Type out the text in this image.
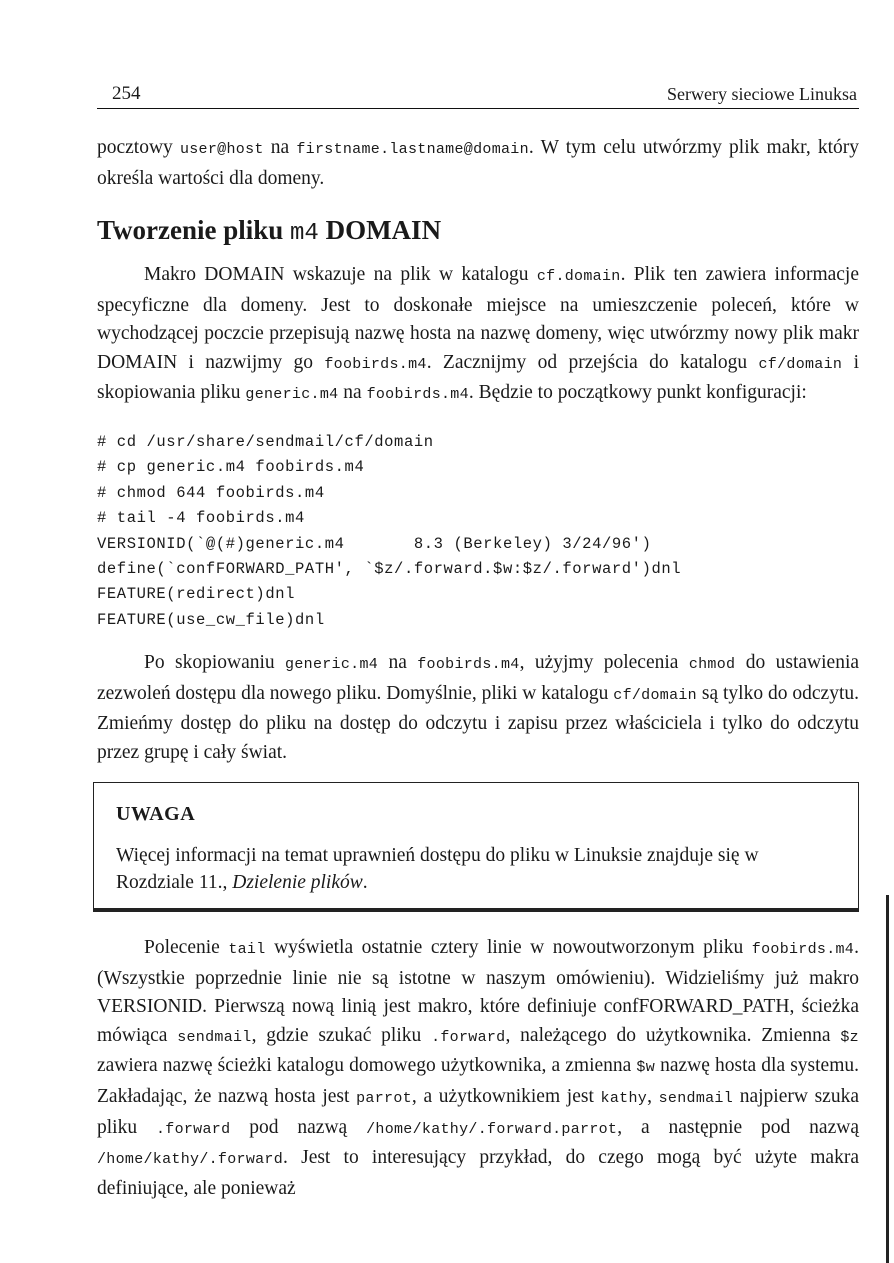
254	Serwery sieciowe Linuksa

pocztowy user@host na firstname.lastname@domain. W tym celu utwórzmy plik makr, który określa wartości dla domeny.

Tworzenie pliku m4 DOMAIN

Makro DOMAIN wskazuje na plik w katalogu cf.domain. Plik ten zawiera informacje specyficzne dla domeny. Jest to doskonałe miejsce na umieszczenie poleceń, które w wychodzącej poczcie przepisują nazwę hosta na nazwę domeny, więc utwórzmy nowy plik makr DOMAIN i nazwijmy go foobirds.m4. Zacznijmy od przejścia do katalogu cf/domain i skopiowania pliku generic.m4 na foobirds.m4. Będzie to początkowy punkt konfiguracji:

# cd /usr/share/sendmail/cf/domain
# cp generic.m4 foobirds.m4
# chmod 644 foobirds.m4
# tail -4 foobirds.m4
VERSIONID(`@(#)generic.m4       8.3 (Berkeley) 3/24/96')
define(`confFORWARD_PATH', `$z/.forward.$w:$z/.forward')dnl
FEATURE(redirect)dnl
FEATURE(use_cw_file)dnl

Po skopiowaniu generic.m4 na foobirds.m4, użyjmy polecenia chmod do ustawienia zezwoleń dostępu dla nowego pliku. Domyślnie, pliki w katalogu cf/domain są tylko do odczytu. Zmieńmy dostęp do pliku na dostęp do odczytu i zapisu przez właściciela i tylko do odczytu przez grupę i cały świat.

UWAGA

Więcej informacji na temat uprawnień dostępu do pliku w Linuksie znajduje się w Rozdziale 11., Dzielenie plików.

Polecenie tail wyświetla ostatnie cztery linie w nowoutworzonym pliku foobirds.m4. (Wszystkie poprzednie linie nie są istotne w naszym omówieniu). Widzieliśmy już makro VERSIONID. Pierwszą nową linią jest makro, które definiuje confFORWARD_PATH, ścieżka mówiąca sendmail, gdzie szukać pliku .forward, należącego do użytkownika. Zmienna $z zawiera nazwę ścieżki katalogu domowego użytkownika, a zmienna $w nazwę hosta dla systemu. Zakładając, że nazwą hosta jest parrot, a użytkownikiem jest kathy, sendmail najpierw szuka pliku .forward pod nazwą /home/kathy/.forward.parrot, a następnie pod nazwą /home/kathy/.forward. Jest to interesujący przykład, do czego mogą być użyte makra definiujące, ale ponieważ
